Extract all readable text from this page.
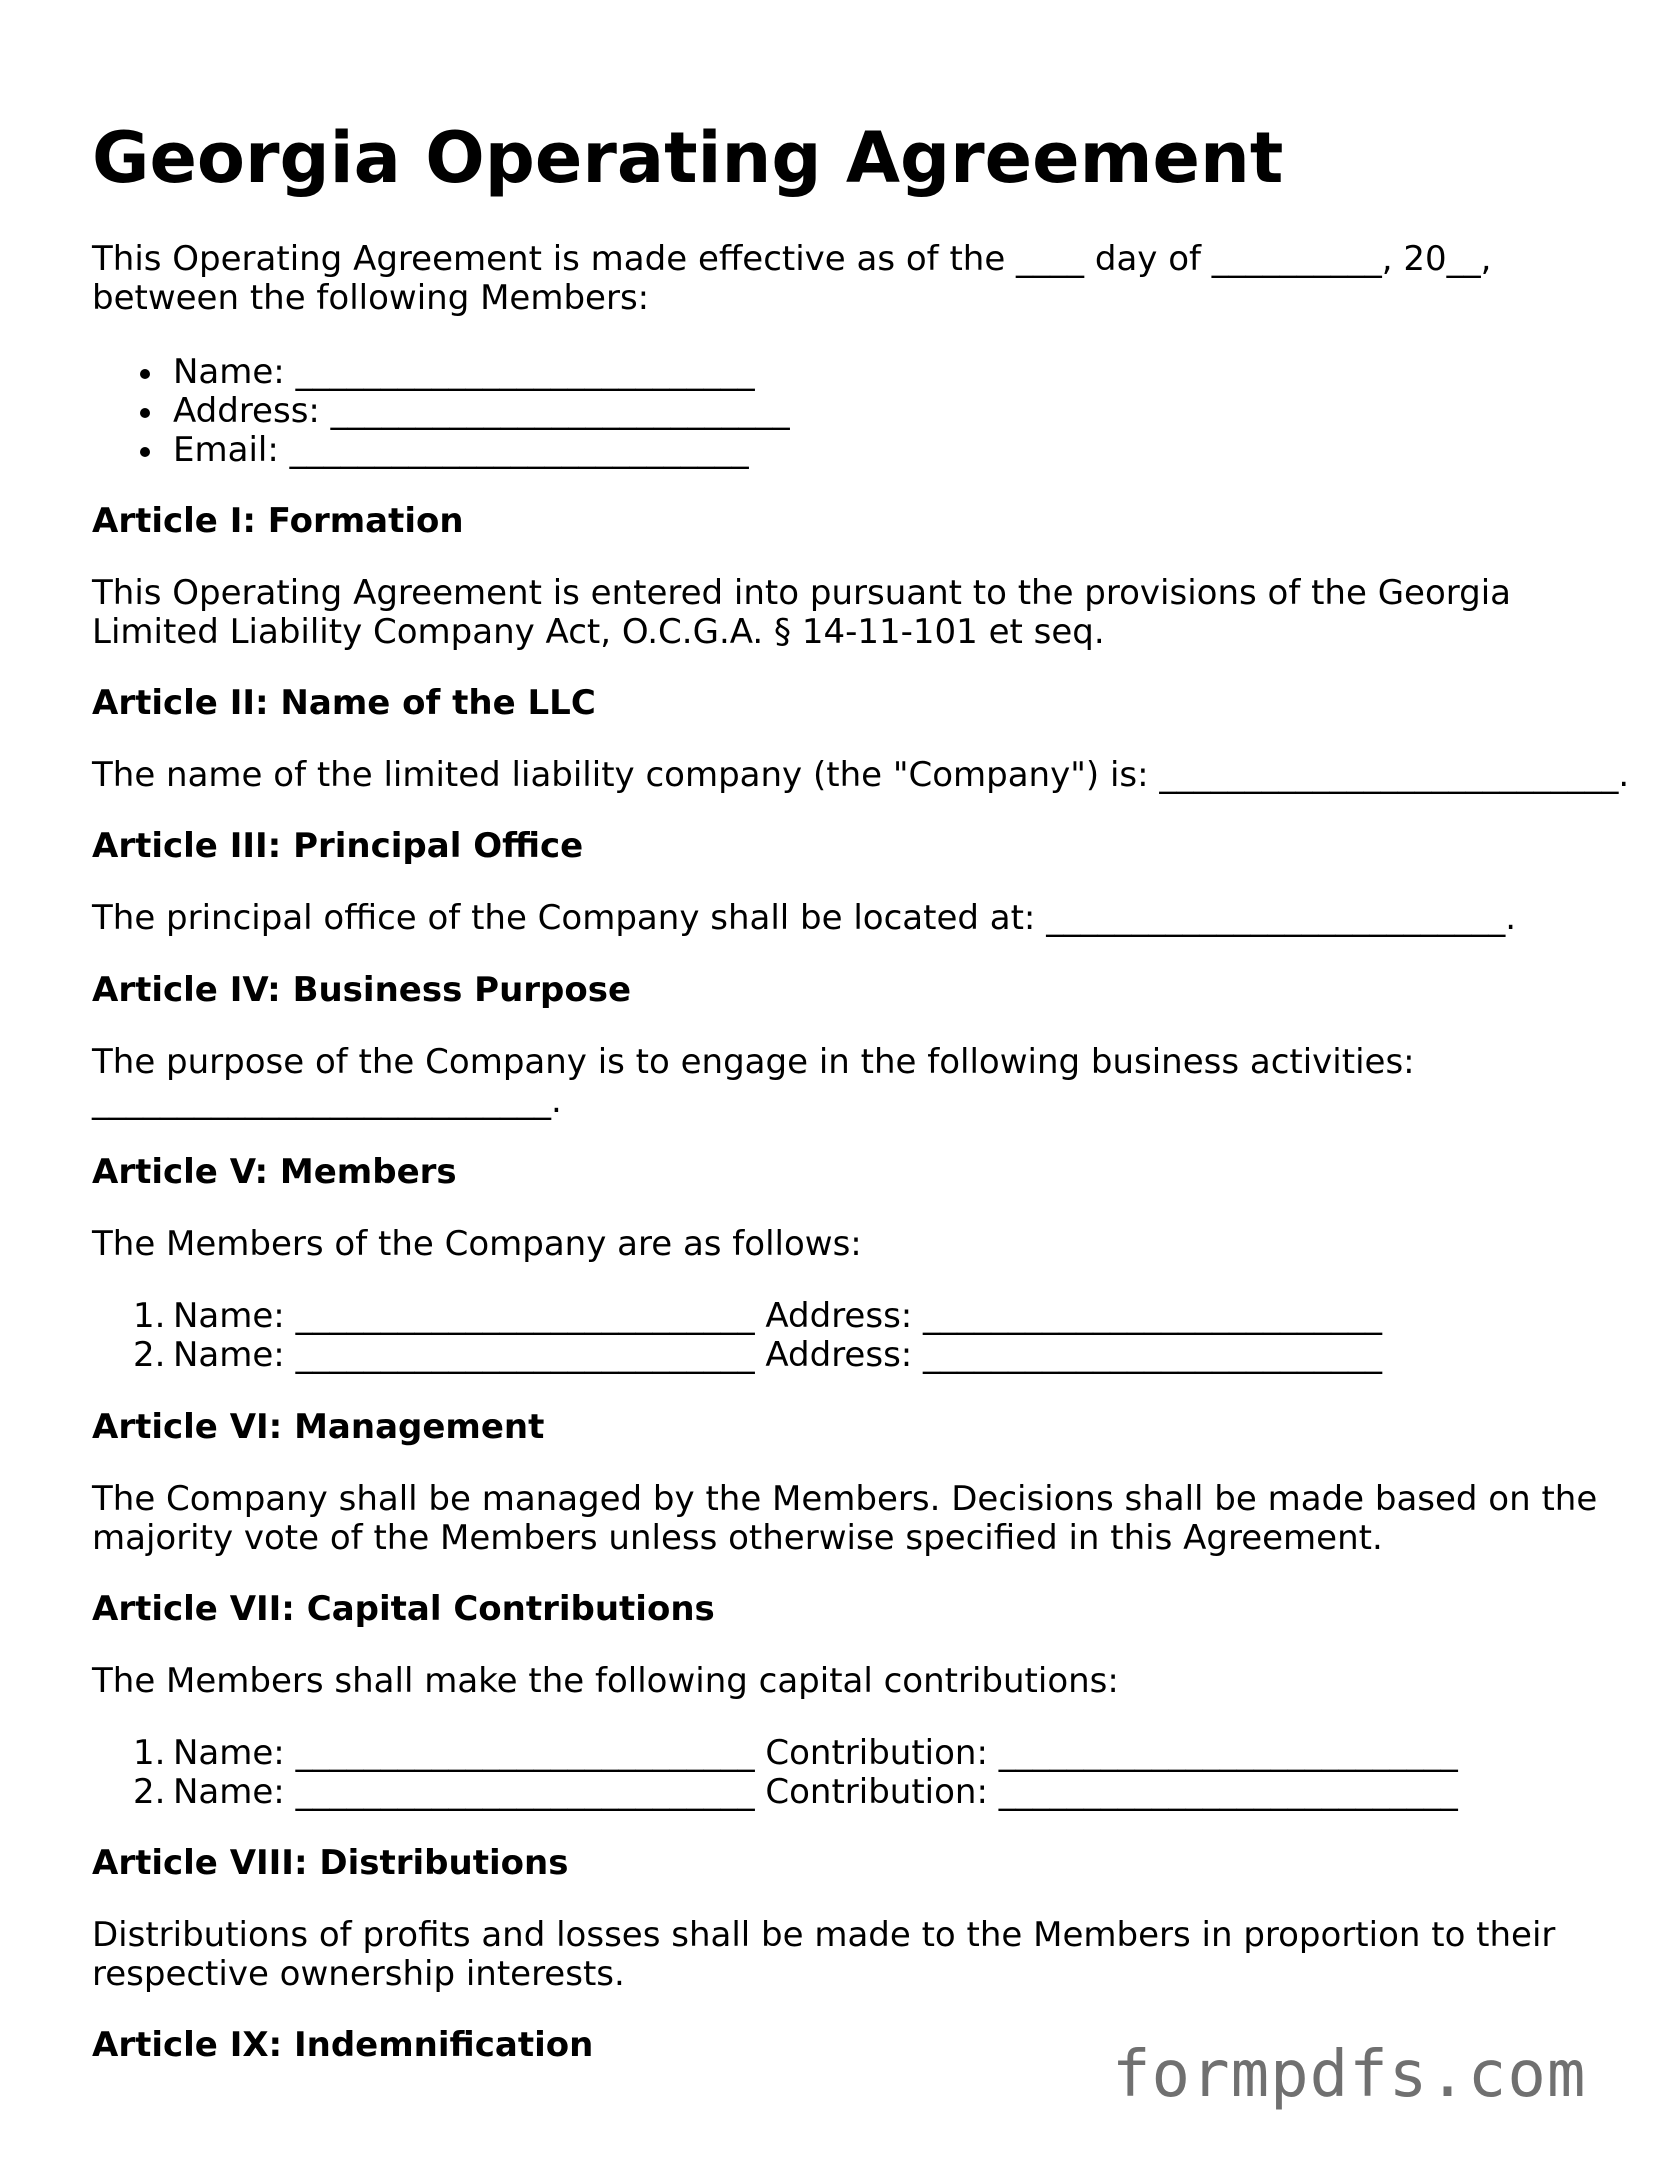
Georgia Operating Agreement
This Operating Agreement is made effective as of the ____ day of __________, 20__,
between the following Members:
Name: ___________________________
Address: ___________________________
Email: ___________________________
Article I: Formation
This Operating Agreement is entered into pursuant to the provisions of the Georgia
Limited Liability Company Act, O.C.G.A. § 14-11-101 et seq.
Article II: Name of the LLC
The name of the limited liability company (the "Company") is: ___________________________.
Article III: Principal Office
The principal office of the Company shall be located at: ___________________________.
Article IV: Business Purpose
The purpose of the Company is to engage in the following business activities:
___________________________.
Article V: Members
The Members of the Company are as follows:
1. Name: ___________________________ Address: ___________________________
2. Name: ___________________________ Address: ___________________________
Article VI: Management
The Company shall be managed by the Members. Decisions shall be made based on the
majority vote of the Members unless otherwise specified in this Agreement.
Article VII: Capital Contributions
The Members shall make the following capital contributions:
1. Name: ___________________________ Contribution: ___________________________
2. Name: ___________________________ Contribution: ___________________________
Article VIII: Distributions
Distributions of profits and losses shall be made to the Members in proportion to their
respective ownership interests.
Article IX: Indemnification	formpdfs.com
